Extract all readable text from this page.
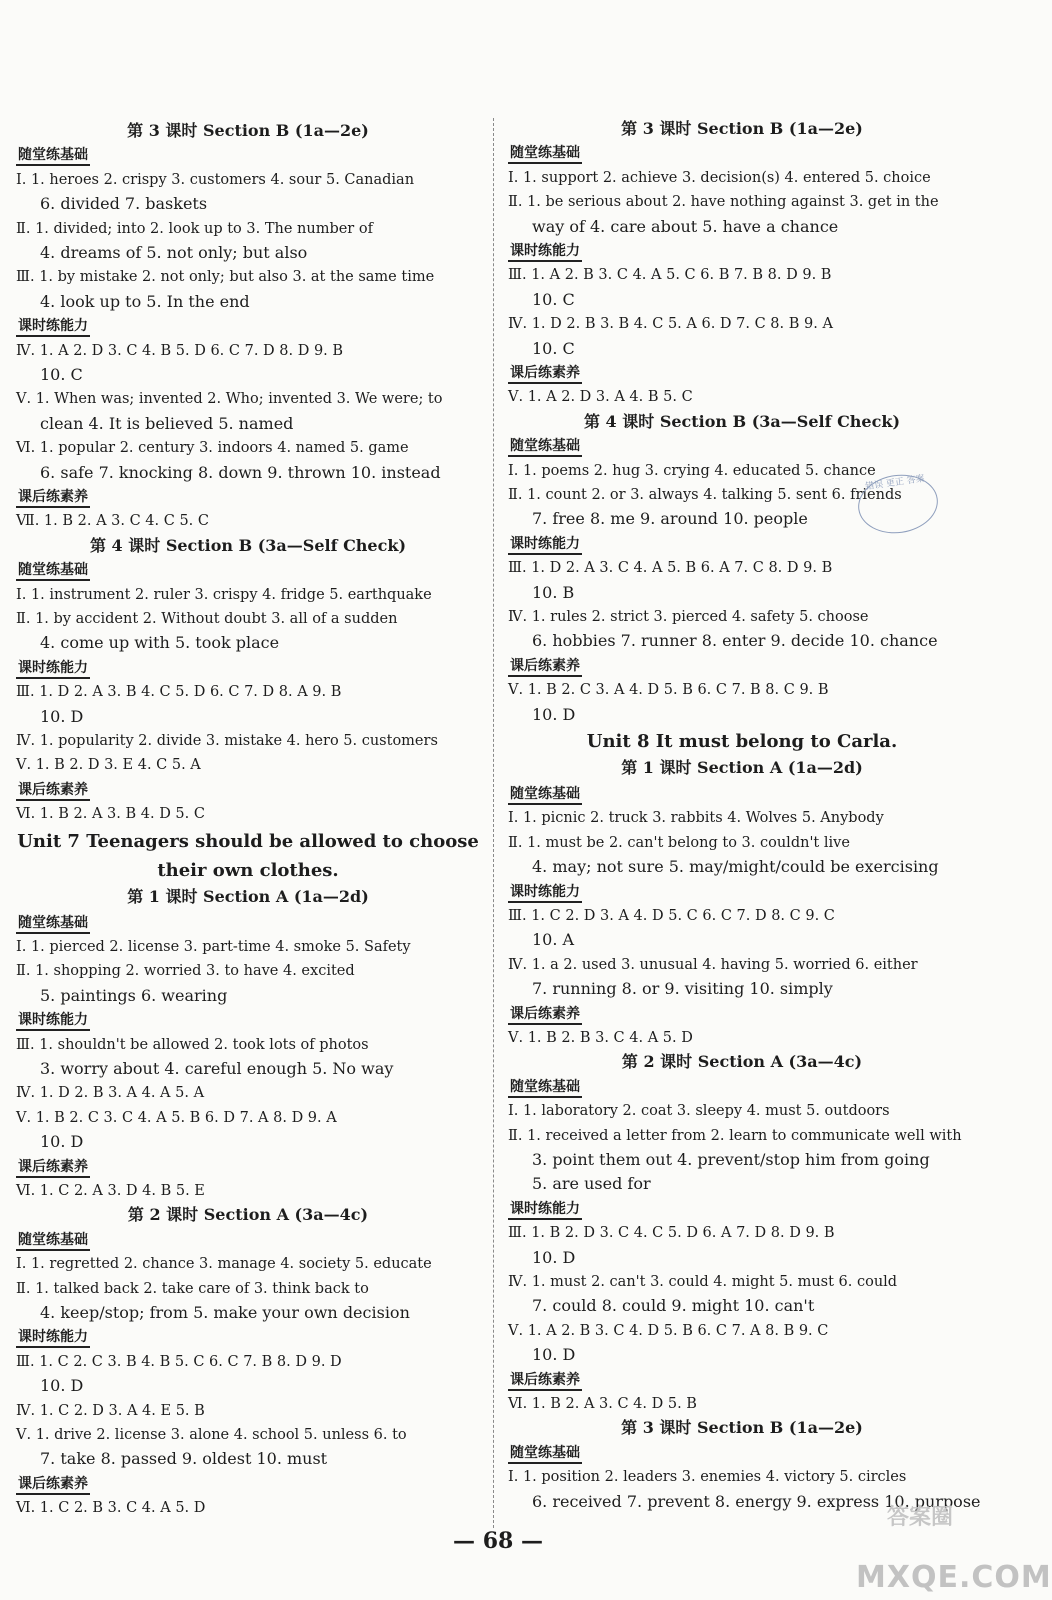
第 3 课时 Section B (1a—2e)
随堂练基础
Ⅰ. 1. heroes 2. crispy 3. customers 4. sour 5. Canadian
6. divided 7. baskets
Ⅱ. 1. divided; into 2. look up to 3. The number of
4. dreams of 5. not only; but also
Ⅲ. 1. by mistake 2. not only; but also 3. at the same time
4. look up to 5. In the end
课时练能力
Ⅳ. 1. A 2. D 3. C 4. B 5. D 6. C 7. D 8. D 9. B
10. C
Ⅴ. 1. When was; invented 2. Who; invented 3. We were; to
clean 4. It is believed 5. named
Ⅵ. 1. popular 2. century 3. indoors 4. named 5. game
6. safe 7. knocking 8. down 9. thrown 10. instead
课后练素养
Ⅶ. 1. B 2. A 3. C 4. C 5. C
第 4 课时 Section B (3a—Self Check)
随堂练基础
Ⅰ. 1. instrument 2. ruler 3. crispy 4. fridge 5. earthquake
Ⅱ. 1. by accident 2. Without doubt 3. all of a sudden
4. come up with 5. took place
课时练能力
Ⅲ. 1. D 2. A 3. B 4. C 5. D 6. C 7. D 8. A 9. B
10. D
Ⅳ. 1. popularity 2. divide 3. mistake 4. hero 5. customers
Ⅴ. 1. B 2. D 3. E 4. C 5. A
课后练素养
Ⅵ. 1. B 2. A 3. B 4. D 5. C
Unit 7 Teenagers should be allowed to choose
their own clothes.
第 1 课时 Section A (1a—2d)
随堂练基础
Ⅰ. 1. pierced 2. license 3. part-time 4. smoke 5. Safety
Ⅱ. 1. shopping 2. worried 3. to have 4. excited
5. paintings 6. wearing
课时练能力
Ⅲ. 1. shouldn't be allowed 2. took lots of photos
3. worry about 4. careful enough 5. No way
Ⅳ. 1. D 2. B 3. A 4. A 5. A
Ⅴ. 1. B 2. C 3. C 4. A 5. B 6. D 7. A 8. D 9. A
10. D
课后练素养
Ⅵ. 1. C 2. A 3. D 4. B 5. E
第 2 课时 Section A (3a—4c)
随堂练基础
Ⅰ. 1. regretted 2. chance 3. manage 4. society 5. educate
Ⅱ. 1. talked back 2. take care of 3. think back to
4. keep/stop; from 5. make your own decision
课时练能力
Ⅲ. 1. C 2. C 3. B 4. B 5. C 6. C 7. B 8. D 9. D
10. D
Ⅳ. 1. C 2. D 3. A 4. E 5. B
Ⅴ. 1. drive 2. license 3. alone 4. school 5. unless 6. to
7. take 8. passed 9. oldest 10. must
课后练素养
Ⅵ. 1. C 2. B 3. C 4. A 5. D
第 3 课时 Section B (1a—2e)
随堂练基础
Ⅰ. 1. support 2. achieve 3. decision(s) 4. entered 5. choice
Ⅱ. 1. be serious about 2. have nothing against 3. get in the
way of 4. care about 5. have a chance
课时练能力
Ⅲ. 1. A 2. B 3. C 4. A 5. C 6. B 7. B 8. D 9. B
10. C
Ⅳ. 1. D 2. B 3. B 4. C 5. A 6. D 7. C 8. B 9. A
10. C
课后练素养
Ⅴ. 1. A 2. D 3. A 4. B 5. C
第 4 课时 Section B (3a—Self Check)
随堂练基础
Ⅰ. 1. poems 2. hug 3. crying 4. educated 5. chance
Ⅱ. 1. count 2. or 3. always 4. talking 5. sent 6. friends
7. free 8. me 9. around 10. people
课时练能力
Ⅲ. 1. D 2. A 3. C 4. A 5. B 6. A 7. C 8. D 9. B
10. B
Ⅳ. 1. rules 2. strict 3. pierced 4. safety 5. choose
6. hobbies 7. runner 8. enter 9. decide 10. chance
课后练素养
Ⅴ. 1. B 2. C 3. A 4. D 5. B 6. C 7. B 8. C 9. B
10. D
Unit 8 It must belong to Carla.
第 1 课时 Section A (1a—2d)
随堂练基础
Ⅰ. 1. picnic 2. truck 3. rabbits 4. Wolves 5. Anybody
Ⅱ. 1. must be 2. can't belong to 3. couldn't live
4. may; not sure 5. may/might/could be exercising
课时练能力
Ⅲ. 1. C 2. D 3. A 4. D 5. C 6. C 7. D 8. C 9. C
10. A
Ⅳ. 1. a 2. used 3. unusual 4. having 5. worried 6. either
7. running 8. or 9. visiting 10. simply
课后练素养
Ⅴ. 1. B 2. B 3. C 4. A 5. D
第 2 课时 Section A (3a—4c)
随堂练基础
Ⅰ. 1. laboratory 2. coat 3. sleepy 4. must 5. outdoors
Ⅱ. 1. received a letter from 2. learn to communicate well with
3. point them out 4. prevent/stop him from going
5. are used for
课时练能力
Ⅲ. 1. B 2. D 3. C 4. C 5. D 6. A 7. D 8. D 9. B
10. D
Ⅳ. 1. must 2. can't 3. could 4. might 5. must 6. could
7. could 8. could 9. might 10. can't
Ⅴ. 1. A 2. B 3. C 4. D 5. B 6. C 7. A 8. B 9. C
10. D
课后练素养
Ⅵ. 1. B 2. A 3. C 4. D 5. B
第 3 课时 Section B (1a—2e)
随堂练基础
Ⅰ. 1. position 2. leaders 3. enemies 4. victory 5. circles
6. received 7. prevent 8. energy 9. express 10. purpose
错误 更正 答案
答案圈
MXQE.COM
— 68 —
